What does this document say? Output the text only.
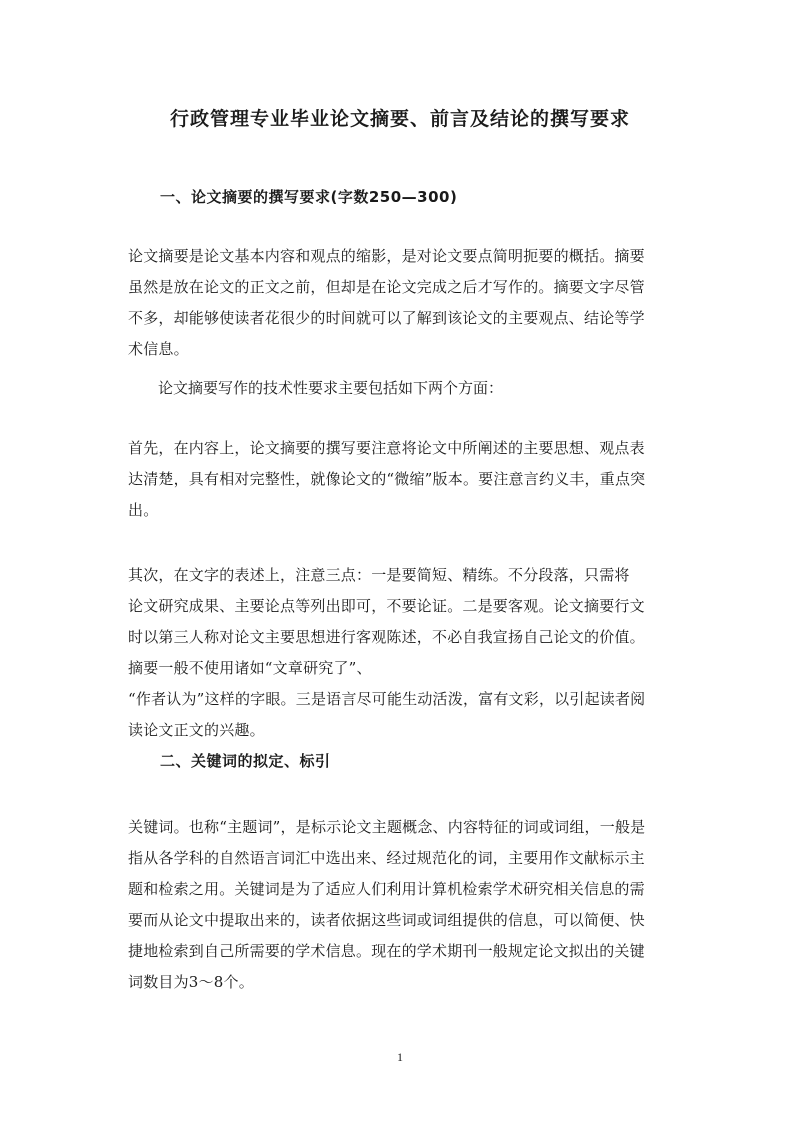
行政管理专业毕业论文摘要、前言及结论的撰写要求
一、论文摘要的撰写要求(字数250—300)
论文摘要是论文基本内容和观点的缩影，是对论文要点简明扼要的概括。摘要
虽然是放在论文的正文之前，但却是在论文完成之后才写作的。摘要文字尽管
不多，却能够使读者花很少的时间就可以了解到该论文的主要观点、结论等学
术信息。
论文摘要写作的技术性要求主要包括如下两个方面：
首先，在内容上，论文摘要的撰写要注意将论文中所阐述的主要思想、观点表
达清楚，具有相对完整性，就像论文的“微缩”版本。要注意言约义丰，重点突
出。
其次，在文字的表述上，注意三点：一是要简短、精练。不分段落，只需将
论文研究成果、主要论点等列出即可，不要论证。二是要客观。论文摘要行文
时以第三人称对论文主要思想进行客观陈述，不必自我宣扬自己论文的价值。
摘要一般不使用诸如“文章研究了”、
“作者认为”这样的字眼。三是语言尽可能生动活泼，富有文彩，以引起读者阅
读论文正文的兴趣。
二、关键词的拟定、标引
关键词。也称“主题词”，是标示论文主题概念、内容特征的词或词组，一般是
指从各学科的自然语言词汇中选出来、经过规范化的词，主要用作文献标示主
题和检索之用。关键词是为了适应人们利用计算机检索学术研究相关信息的需
要而从论文中提取出来的，读者依据这些词或词组提供的信息，可以简便、快
捷地检索到自己所需要的学术信息。现在的学术期刊一般规定论文拟出的关键
词数目为3～8个。
1
